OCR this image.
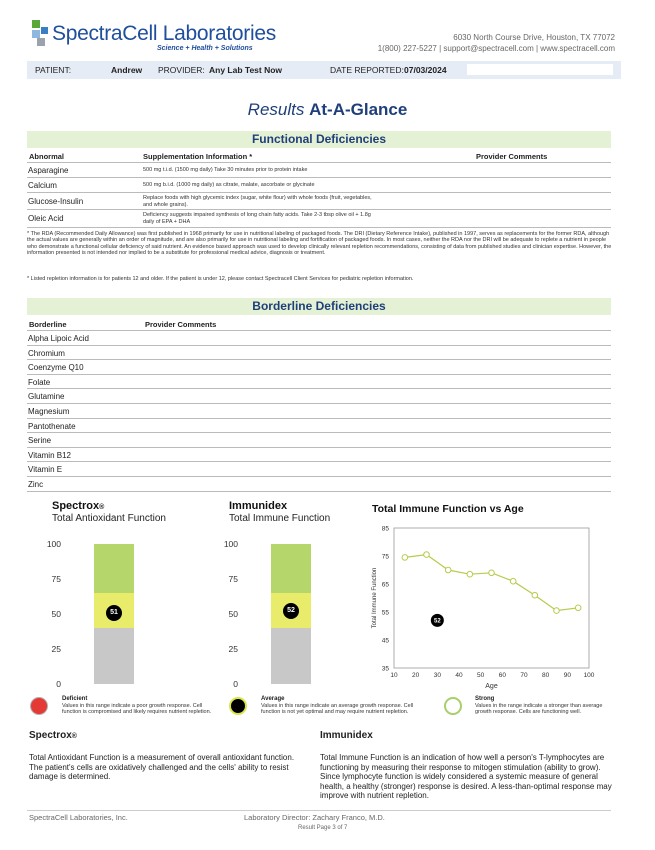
SpectraCell Laboratories
Science + Health + Solutions
6030 North Course Drive, Houston, TX 77072
1(800) 227-5227 | support@spectracell.com | www.spectracell.com
PATIENT:	Andrew PROVIDER: Any Lab Test Now	DATE REPORTED: 07/03/2024
Results At-A-Glance
Functional Deficiencies
Abnormal	Supplementation Information *	Provider Comments
Asparagine	500 mg t.i.d. (1500 mg daily) Take 30 minutes prior to protein intake
Calcium	500 mg b.i.d. (1000 mg daily) as citrate, malate, ascorbate or glycinate
Glucose-Insulin	Replace foods with high glycemic index (sugar, white flour) with whole foods (fruit, vegetables,
and whole grains).
Oleic Acid	Deficiency suggests impaired synthesis of long chain fatty acids. Take 2-3 tbsp olive oil + 1.8g
daily of EPA + DHA
* The RDA (Recommended Daily Allowance) was first published in 1968 primarily for use in nutritional labeling of packaged foods. The DRI (Dietary Reference Intake), published in 1997, serves as replacements for the former RDA, although the actual values are generally within an order of magnitude, and are also primarily for use in nutritional labeling and fortification of packaged foods. In most cases, neither the RDA nor the DRI will be adequate to replete a nutrient in people who demonstrate a functional cellular deficiency of said nutrient. An evidence based approach was used to develop clinically relevant repletion recommendations, consisting of data from published studies and clinician expertise. However, the information presented is not intended nor implied to be a substitute for professional medical advice, diagnosis or treatment.
* Listed repletion information is for patients 12 and older. If the patient is under 12, please contact Spectracell Client Services for pediatric repletion information.
Borderline Deficiencies
Borderline	Provider Comments
Alpha Lipoic Acid
Chromium
Coenzyme Q10
Folate
Glutamine
Magnesium
Pantothenate
Serine
Vitamin B12
Vitamin E
Zinc
Spectrox®
Total Antioxidant Function
100
75
50
25
0
51
Immunidex
Total Immune Function
100
75
50
25
0
52
Total Immune Function vs Age
85
75
65
55
45
35
10 20 30 40 50 60 70 80 90 100
Age
Total Immune Function	52
Deficient
Values in this range indicate a poor growth response. Cell function is compromised and likely requires nutrient repletion.
Average
Values in this range indicate an average growth response. Cell function is not yet optimal and may require nutrient repletion.
Strong
Values in the range indicate a stronger than average growth response. Cells are functioning well.
Spectrox®
Total Antioxidant Function is a measurement of overall antioxidant function. The patient's cells are oxidatively challenged and the cells' ability to resist damage is determined.
Immunidex
Total Immune Function is an indication of how well a person's T-lymphocytes are functioning by measuring their response to mitogen stimulation (ability to grow). Since lymphocyte function is widely considered a systemic measure of general health, a healthy (stronger) response is desired. A less-than-optimal response may improve with nutrient repletion.
SpectraCell Laboratories, Inc.	Laboratory Director: Zachary Franco, M.D.
Result Page 3 of 7
